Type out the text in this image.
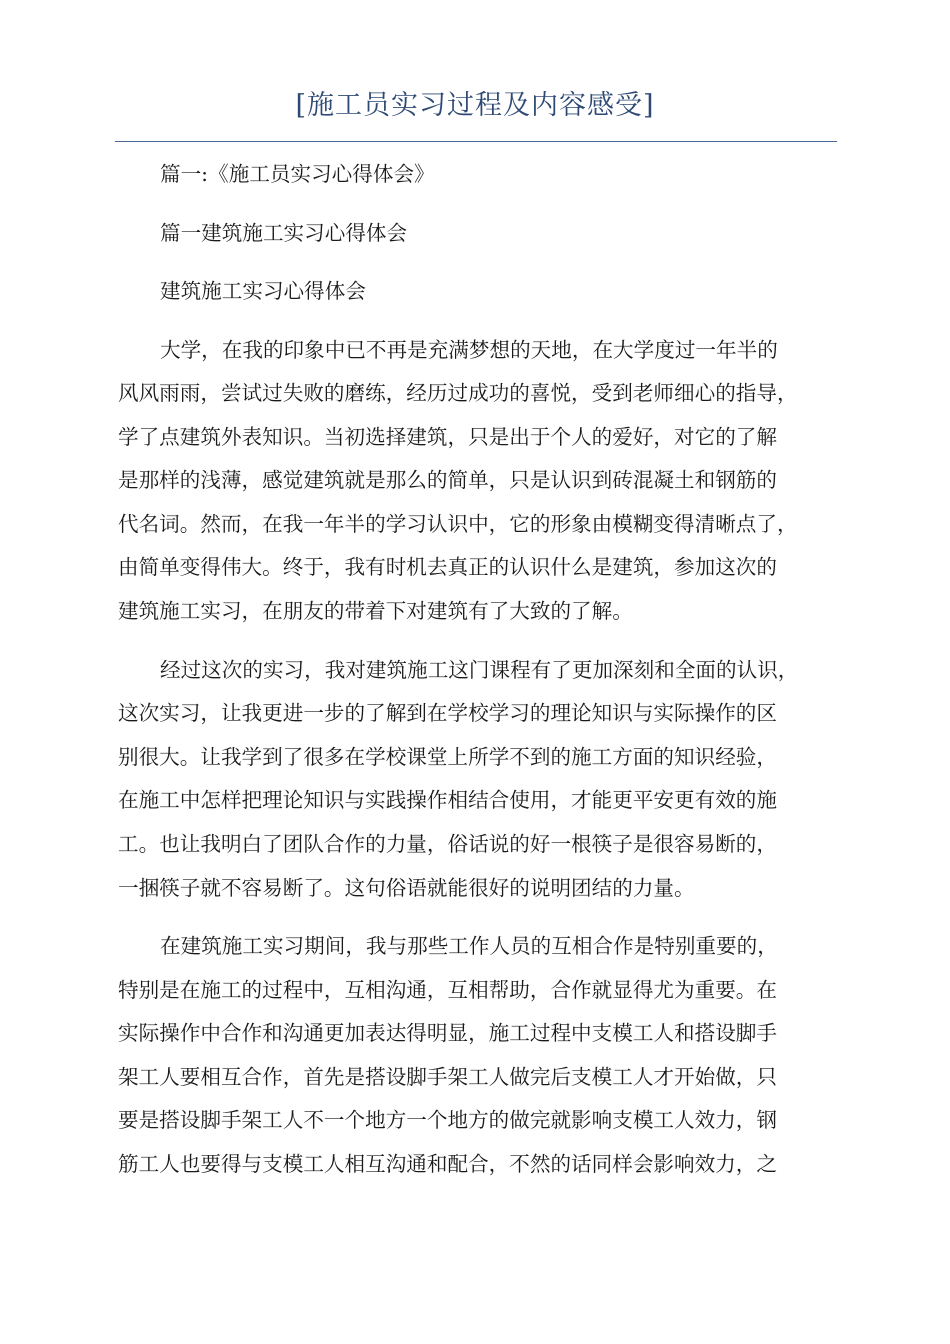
[施工员实习过程及内容感受]

篇一:《施工员实习心得体会》

篇一建筑施工实习心得体会

建筑施工实习心得体会

大学，在我的印象中已不再是充满梦想的天地，在大学度过一年半的

风风雨雨，尝试过失败的磨练，经历过成功的喜悦，受到老师细心的指导，

学了点建筑外表知识。当初选择建筑，只是出于个人的爱好，对它的了解

是那样的浅薄，感觉建筑就是那么的简单，只是认识到砖混凝土和钢筋的

代名词。然而，在我一年半的学习认识中，它的形象由模糊变得清晰点了，

由简单变得伟大。终于，我有时机去真正的认识什么是建筑，参加这次的

建筑施工实习，在朋友的带着下对建筑有了大致的了解。

经过这次的实习，我对建筑施工这门课程有了更加深刻和全面的认识，

这次实习，让我更进一步的了解到在学校学习的理论知识与实际操作的区

别很大。让我学到了很多在学校课堂上所学不到的施工方面的知识经验，

在施工中怎样把理论知识与实践操作相结合使用，才能更平安更有效的施

工。也让我明白了团队合作的力量，俗话说的好一根筷子是很容易断的，

一捆筷子就不容易断了。这句俗语就能很好的说明团结的力量。

在建筑施工实习期间，我与那些工作人员的互相合作是特别重要的，

特别是在施工的过程中，互相沟通，互相帮助，合作就显得尤为重要。在

实际操作中合作和沟通更加表达得明显，施工过程中支模工人和搭设脚手

架工人要相互合作，首先是搭设脚手架工人做完后支模工人才开始做，只

要是搭设脚手架工人不一个地方一个地方的做完就影响支模工人效力，钢

筋工人也要得与支模工人相互沟通和配合，不然的话同样会影响效力，之
